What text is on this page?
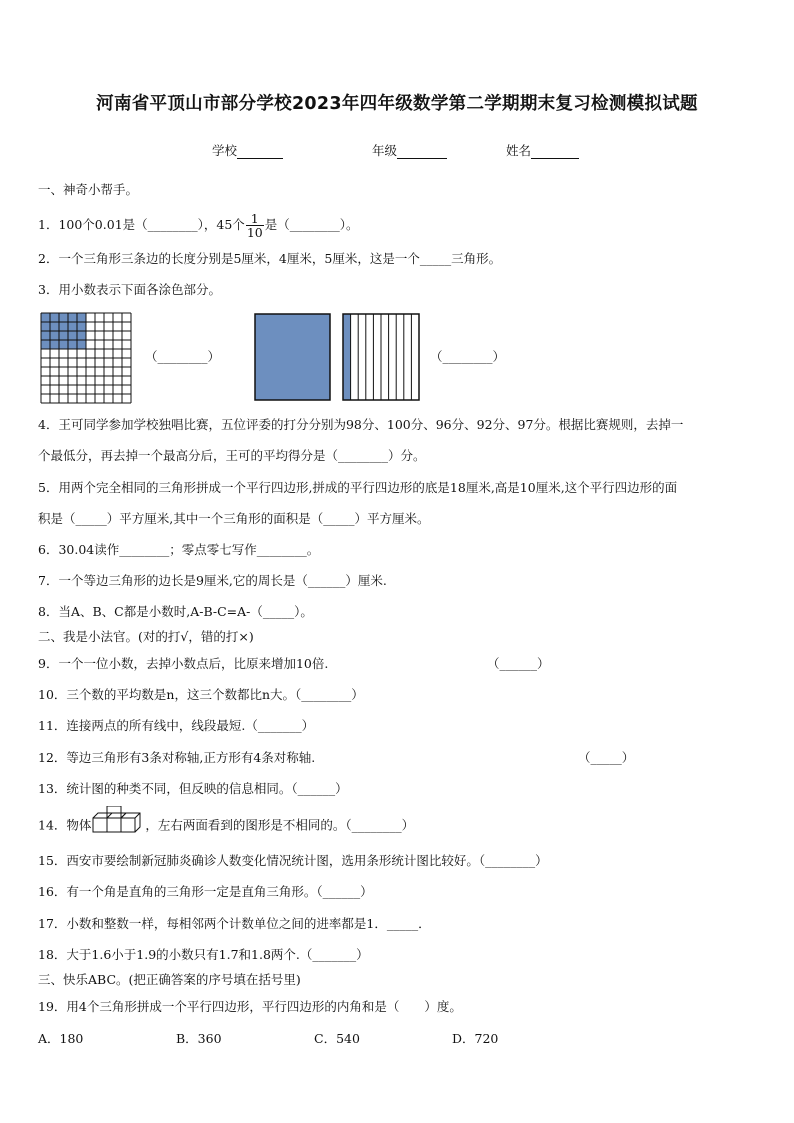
河南省平顶山市部分学校2023年四年级数学第二学期期末复习检测模拟试题
学校	年级	姓名
一、神奇小帮手。
1．100个0.01是（________），45个 $\frac{1}{10}$ 是（________）。
2．一个三角形三条边的长度分别是5厘米，4厘米，5厘米，这是一个_____三角形。
3．用小数表示下面各涂色部分。
（________）	（________）
4．王可同学参加学校独唱比赛，五位评委的打分分别为98分、100分、96分、92分、97分。根据比赛规则，去掉一
个最低分，再去掉一个最高分后，王可的平均得分是（________）分。
5．用两个完全相同的三角形拼成一个平行四边形,拼成的平行四边形的底是18厘米,高是10厘米,这个平行四边形的面
积是（_____）平方厘米,其中一个三角形的面积是（_____）平方厘米。
6．30.04读作________；零点零七写作________。
7．一个等边三角形的边长是9厘米,它的周长是（______）厘米.
8．当A、B、C都是小数时,A-B-C=A-（_____）。
二、我是小法官。(对的打√，错的打×)
9．一个一位小数，去掉小数点后，比原来增加10倍.	（______）
10．三个数的平均数是n，这三个数都比n大。（________）
11．连接两点的所有线中，线段最短.（_______）
12．等边三角形有3条对称轴,正方形有4条对称轴.	（_____）
13．统计图的种类不同，但反映的信息相同。（______）
14．物体	，左右两面看到的图形是不相同的。（________）
15．西安市要绘制新冠肺炎确诊人数变化情况统计图，选用条形统计图比较好。（________）
16．有一个角是直角的三角形一定是直角三角形。（______）
17．小数和整数一样，每相邻两个计数单位之间的进率都是1．_____．
18．大于1.6小于1.9的小数只有1.7和1.8两个.（_______）
三、快乐ABC。(把正确答案的序号填在括号里)
19．用4个三角形拼成一个平行四边形，平行四边形的内角和是（　　）度。
A．180	B．360	C．540	D．720
